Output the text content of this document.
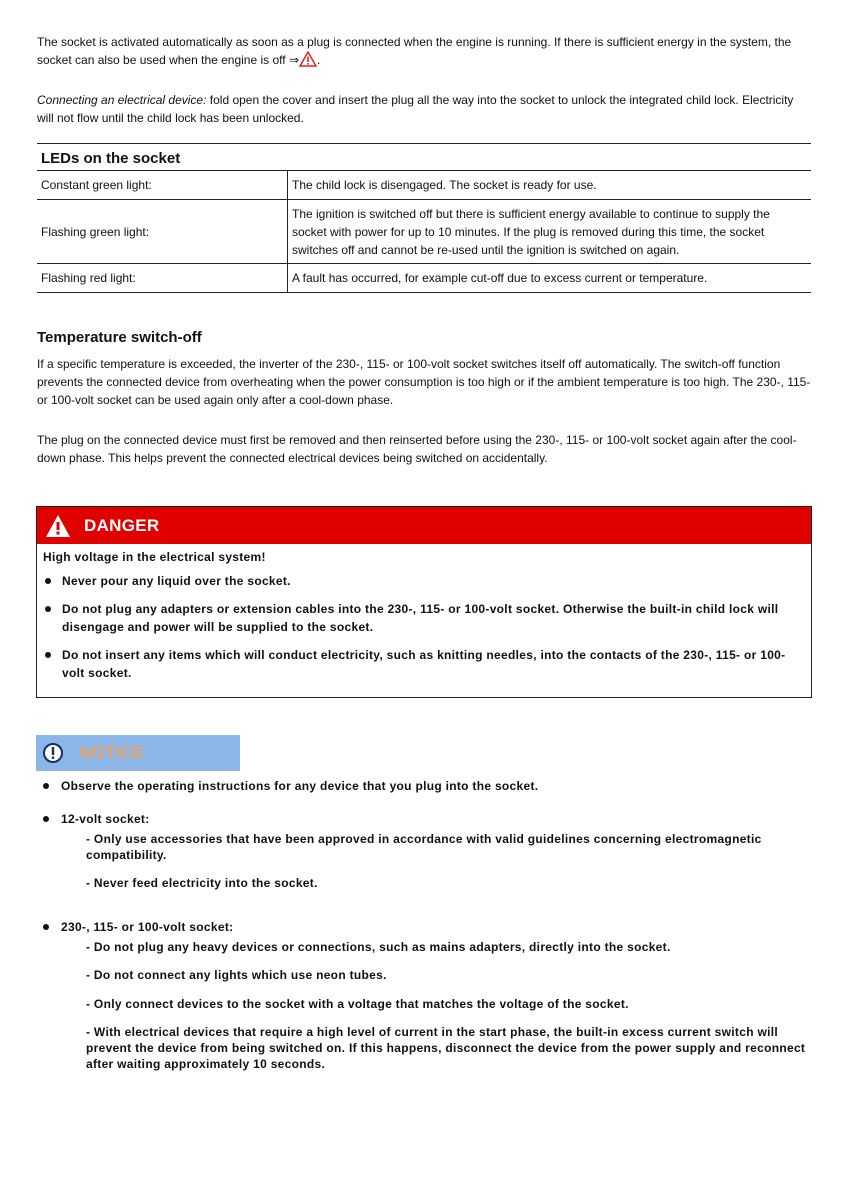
The socket is activated automatically as soon as a plug is connected when the engine is running. If there is sufficient energy in the system, the socket can also be used when the engine is off ⇒ .

Connecting an electrical device: fold open the cover and insert the plug all the way into the socket to unlock the integrated child lock. Electricity will not flow until the child lock has been unlocked.

LEDs on the socket	
Constant green light:	The child lock is disengaged. The socket is ready for use.
Flashing green light:	The ignition is switched off but there is sufficient energy available to continue to supply the socket with power for up to 10 minutes. If the plug is removed during this time, the socket switches off and cannot be re-used until the ignition is switched on again.
Flashing red light:	A fault has occurred, for example cut-off due to excess current or temperature.
Temperature switch-off

If a specific temperature is exceeded, the inverter of the 230-, 115- or 100-volt socket switches itself off automatically. The switch-off function prevents the connected device from overheating when the power consumption is too high or if the ambient temperature is too high. The 230-, 115- or 100-volt socket can be used again only after a cool-down phase.

The plug on the connected device must first be removed and then reinserted before using the 230-, 115- or 100-volt socket again after the cool-down phase. This helps prevent the connected electrical devices being switched on accidentally.

DANGER
High voltage in the electrical system!
Never pour any liquid over the socket.
Do not plug any adapters or extension cables into the 230-, 115- or 100-volt socket. Otherwise the built-in child lock will disengage and power will be supplied to the socket.
Do not insert any items which will conduct electricity, such as knitting needles, into the contacts of the 230-, 115- or 100-volt socket.
NOTICE
Observe the operating instructions for any device that you plug into the socket.
12-volt socket:

- Only use accessories that have been approved in accordance with valid guidelines concerning electromagnetic compatibility.

- Never feed electricity into the socket.

230-, 115- or 100-volt socket:

- Do not plug any heavy devices or connections, such as mains adapters, directly into the socket.

- Do not connect any lights which use neon tubes.

- Only connect devices to the socket with a voltage that matches the voltage of the socket.

- With electrical devices that require a high level of current in the start phase, the built-in excess current switch will prevent the device from being switched on. If this happens, disconnect the device from the power supply and reconnect after waiting approximately 10 seconds.
